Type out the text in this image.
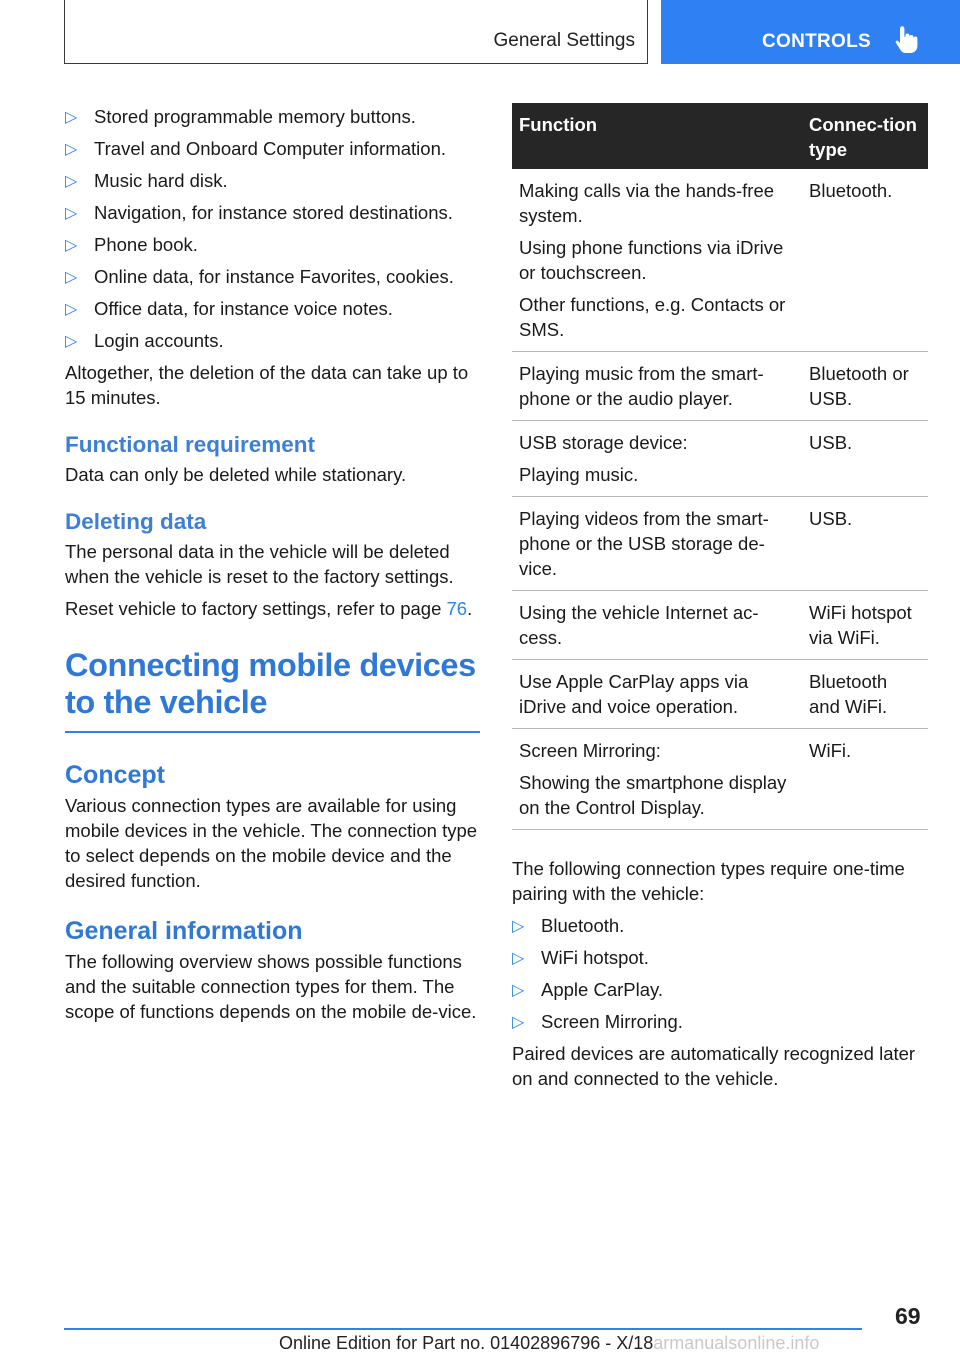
General Settings	CONTROLS
▷ Stored programmable memory buttons.
▷ Travel and Onboard Computer information.
▷ Music hard disk.
▷ Navigation, for instance stored destinations.
▷ Phone book.
▷ Online data, for instance Favorites, cookies.
▷ Office data, for instance voice notes.
▷ Login accounts.

Altogether, the deletion of the data can take up to 15 minutes.

Functional requirement

Data can only be deleted while stationary.

Deleting data

The personal data in the vehicle will be deleted when the vehicle is reset to the factory settings.

Reset vehicle to factory settings, refer to page 76.

Connecting mobile devices
to the vehicle
Concept

Various connection types are available for using mobile devices in the vehicle. The connection type to select depends on the mobile device and the desired function.

General information

The following overview shows possible functions and the suitable connection types for them. The scope of functions depends on the mobile de-vice.

Function	Connec-tion type

Making calls via the hands-free system.

Using phone functions via iDrive or touchscreen.

Other functions, e.g. Contacts or SMS.	Bluetooth.

Playing music from the smart-phone or the audio player.	Bluetooth or USB.

USB storage device:

Playing music.	USB.

Playing videos from the smart-phone or the USB storage de-vice.	USB.

Using the vehicle Internet ac-cess.	WiFi hotspot via WiFi.

Use Apple CarPlay apps via iDrive and voice operation.	Bluetooth and WiFi.

Screen Mirroring:

Showing the smartphone display on the Control Display.	WiFi.

The following connection types require one-time pairing with the vehicle:

▷ Bluetooth.
▷ WiFi hotspot.
▷ Apple CarPlay.
▷ Screen Mirroring.

Paired devices are automatically recognized later on and connected to the vehicle.

69
Online Edition for Part no. 01402896796 - X/18armanualsonline.info
